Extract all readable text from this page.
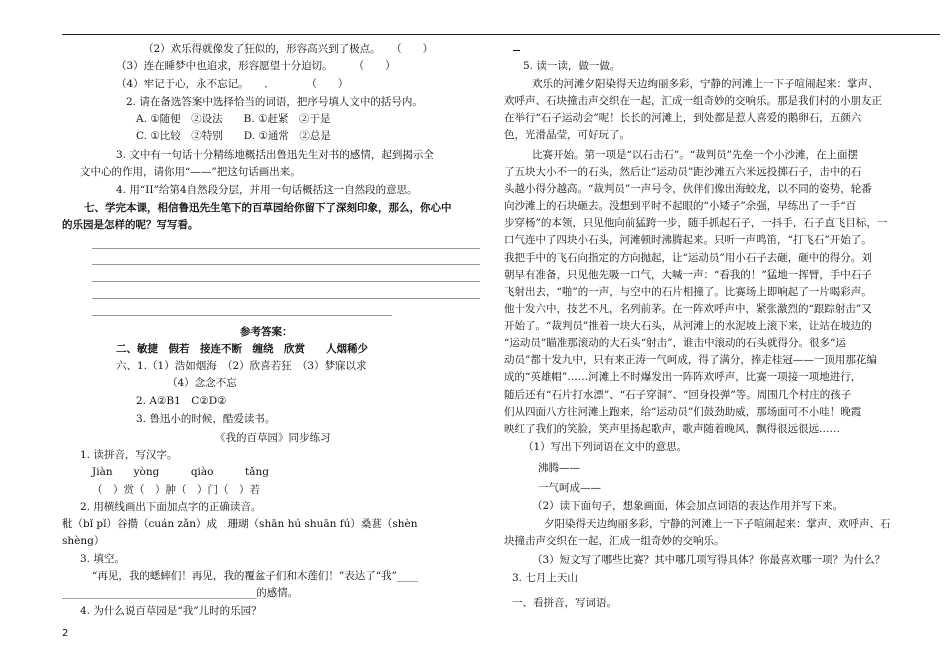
（2）欢乐得就像发了狂似的，形容高兴到了极点。　　（　　）
（3）连在睡梦中也追求，形容愿望十分迫切。　　　（　　）
（4）牢记于心，永不忘记。　　．　　　　（　　）
2. 请在备选答案中选择恰当的词语，把序号填人文中的括号内。
A. ①随便　②设法　　B. ①赶紧　②于是
C. ①比较　②特别　　D. ①通常　②总是
3. 文中有一句话十分精练地概括出鲁迅先生对书的感情，起到揭示全
文中心的作用，请你用“——”把这句话画出来。
4. 用“II”给第4自然段分层，并用一句话概括这一自然段的意思。
七、学完本课，相信鲁迅先生笔下的百草园给你留下了深刻印象，那么，你心中
的乐园是怎样的呢？写写看。
参考答案：
二、敏捷　假若　接连不断　缠绕　欣赏　　人烟稀少
六、1.（1）浩如烟海　（2）欣喜若狂　（3）梦寐以求
（4）念念不忘
2. A②B1　C②D②
3. 鲁迅小的时候，酷爱读书。
《我的百草园》同步练习
1. 读拼音，写汉字。
Jiàn　　yòng　　　qiào　　　tǎng
（　）赏（　）肿（　）门（　）若
2. 用横线画出下面加点字的正确读音。
秕（bǐ pǐ）谷攒（cuán zǎn）成　珊瑚（shān hú shuān fú）桑葚（shèn
shèng）
3. 填空。
“再见，我的蟋蟀们！再见，我的覆盆子们和木莲们！”表达了“我”____
_____________________________________的感情。
4. 为什么说百草园是“我”儿时的乐园？
5. 读一读，做一做。
欢乐的河滩夕阳染得天边绚丽多彩，宁静的河滩上一下子喧闹起来：掌声、
欢呼声、石块撞击声交织在一起，汇成一组奇妙的交响乐。那是我们村的小朋友正
在举行“石子运动会”呢！长长的河滩上，到处都是惹人喜爱的鹅卵石，五颜六
色，光滑晶莹，可好玩了。
比赛开始。第一项是“以石击石”。“裁判员”先垒一个小沙滩，在上面摆
了五块大小不一的石头，然后让“运动员”距沙滩五六米远投掷石子，击中的石
头越小得分越高。“裁判员”一声号令，伙伴们像出海蛟龙，以不同的姿势，轮番
向沙滩上的石块砸去。没想到平时不起眼的“小矮子”余强，早练出了一手“百
步穿杨”的本领，只见他向前猛跨一步，随手抓起石子，一抖手，石子直飞目标，一
口气连中了四块小石头，河滩顿时沸腾起来。只听一声鸣笛，“打飞石”开始了。
我把手中的飞石向指定的方向抛起，让“运动员”用小石子去砸，砸中的得分。刘
朝早有准备，只见他先吸一口气，大喊一声：“看我的！”猛地一挥臂，手中石子
飞射出去，“啪”的一声，与空中的石片相撞了。比赛场上即响起了一片喝彩声。
他十发六中，技艺不凡，名列前茅。在一阵欢呼声中，紧张激烈的“跟踪射击”又
开始了。“裁判员”推着一块大石头，从河滩上的水泥坡上滚下来，让站在坡边的
“运动员”瞄准那滚动的大石头“射击”，谁击中滚动的石头就得分。很多“运
动员”都十发九中，只有来正涛一气呵成，得了满分，捧走桂冠——一顶用那花编
成的“英雄帽”……河滩上不时爆发出一阵阵欢呼声，比赛一项接一项地进行，
随后还有“石片打水漂”、“石子穿洞”、“回身投弹”等。周围几个村庄的孩子
们从四面八方往河滩上跑来，给“运动员”们鼓劲助威，那场面可不小哇！晚霞
映红了我们的笑脸，笑声里扬起歌声，歌声随着晚风，飘得很远很远……
（1）写出下列词语在文中的意思。
沸腾——
一气呵成——
（2）读下面句子，想象画面，体会加点词语的表达作用并写下来。
夕阳染得天边绚丽多彩，宁静的河滩上一下子喧闹起来：掌声、欢呼声、石
块撞击声交织在一起，汇成一组奇妙的交响乐。
（3）短文写了哪些比赛？其中哪几项写得具体？你最喜欢哪一项？为什么？
3. 七月上天山
一、看拼音，写词语。
2
